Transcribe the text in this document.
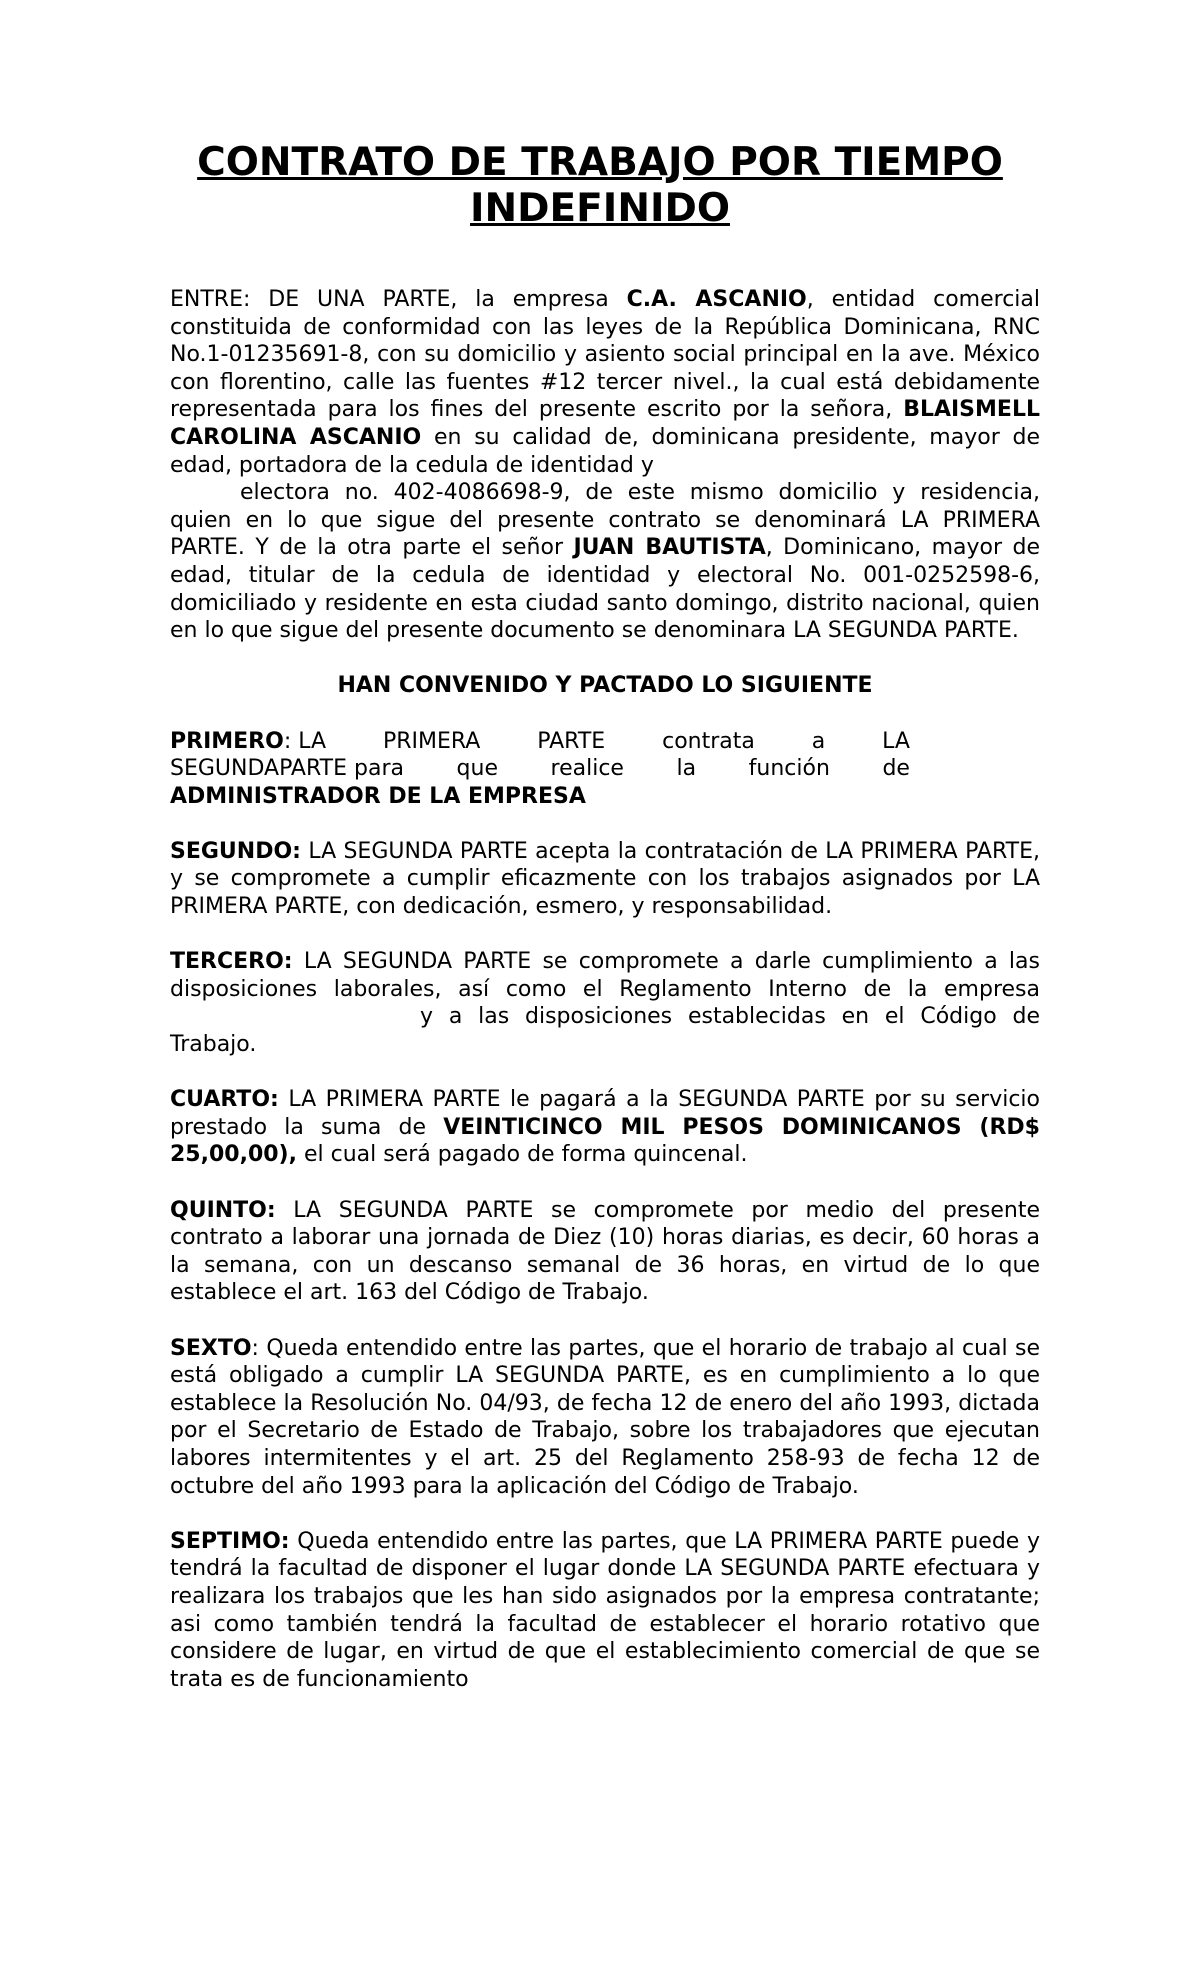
CONTRATO DE TRABAJO POR TIEMPO
INDEFINIDO

ENTRE: DE UNA PARTE, la empresa C.A. ASCANIO, entidad comercial constituida de conformidad con las leyes de la República Dominicana, RNC No.1-01235691-8, con su domicilio y asiento social principal en la ave. México con florentino, calle las fuentes #12 tercer nivel., la cual está debidamente representada para los fines del presente escrito por la señora, BLAISMELL CAROLINA ASCANIO en su calidad de, dominicana presidente, mayor de edad, portadora de la cedula de identidad y
electora no. 402-4086698-9, de este mismo domicilio y residencia, quien en lo que sigue del presente contrato se denominará LA PRIMERA PARTE. Y de la otra parte el señor JUAN BAUTISTA, Dominicano, mayor de edad, titular de la cedula de identidad y electoral No. 001-0252598-6, domiciliado y residente en esta ciudad santo domingo, distrito nacional, quien en lo que sigue del presente documento se denominara LA SEGUNDA PARTE.

HAN CONVENIDO Y PACTADO LO SIGUIENTE

PRIMERO: LA	PRIMERA	PARTE	contrata	a	LA
SEGUNDAPARTE para que realice la función de
ADMINISTRADOR DE LA EMPRESA

SEGUNDO: LA SEGUNDA PARTE acepta la contratación de LA PRIMERA PARTE, y se compromete a cumplir eficazmente con los trabajos asignados por LA PRIMERA PARTE, con dedicación, esmero, y responsabilidad.

TERCERO: LA SEGUNDA PARTE se compromete a darle cumplimiento a las disposiciones laborales, así como el Reglamento Interno de la empresa y a las disposiciones establecidas en el Código de Trabajo.

CUARTO: LA PRIMERA PARTE le pagará a la SEGUNDA PARTE por su servicio prestado la suma de VEINTICINCO MIL PESOS DOMINICANOS (RD$ 25,00,00), el cual será pagado de forma quincenal.

QUINTO: LA SEGUNDA PARTE se compromete por medio del presente contrato a laborar una jornada de Diez (10) horas diarias, es decir, 60 horas a la semana, con un descanso semanal de 36 horas, en virtud de lo que establece el art. 163 del Código de Trabajo.

SEXTO: Queda entendido entre las partes, que el horario de trabajo al cual se está obligado a cumplir LA SEGUNDA PARTE, es en cumplimiento a lo que establece la Resolución No. 04/93, de fecha 12 de enero del año 1993, dictada por el Secretario de Estado de Trabajo, sobre los trabajadores que ejecutan labores intermitentes y el art. 25 del Reglamento 258-93 de fecha 12 de octubre del año 1993 para la aplicación del Código de Trabajo.

SEPTIMO: Queda entendido entre las partes, que LA PRIMERA PARTE puede y tendrá la facultad de disponer el lugar donde LA SEGUNDA PARTE efectuara y realizara los trabajos que les han sido asignados por la empresa contratante; asi como también tendrá la facultad de establecer el horario rotativo que considere de lugar, en virtud de que el establecimiento comercial de que se trata es de funcionamiento
